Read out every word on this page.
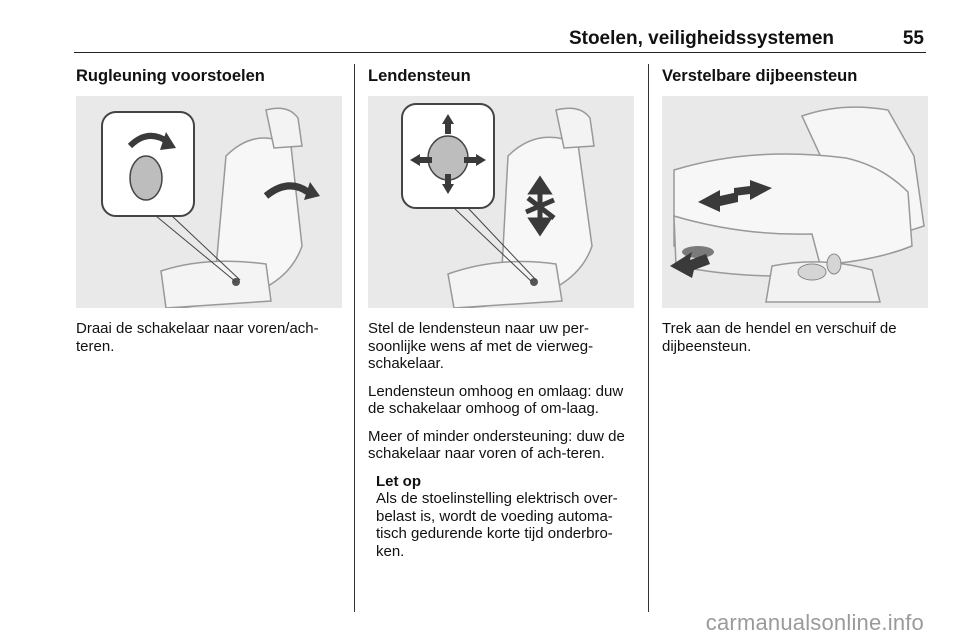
Stoelen, veiligheidssystemen	55
Rugleuning voorstoelen

Draai de schakelaar naar voren/ach-teren.

Lendensteun

Stel de lendensteun naar uw per-soonlijke wens af met de vierweg-schakelaar.

Lendensteun omhoog en omlaag: duw de schakelaar omhoog of om-laag.

Meer of minder ondersteuning: duw de schakelaar naar voren of ach-teren.

Let op

Als de stoelinstelling elektrisch over-belast is, wordt de voeding automa-tisch gedurende korte tijd onderbro-ken.

Verstelbare dijbeensteun

Trek aan de hendel en verschuif de dijbeensteun.

carmanualsonline.info
